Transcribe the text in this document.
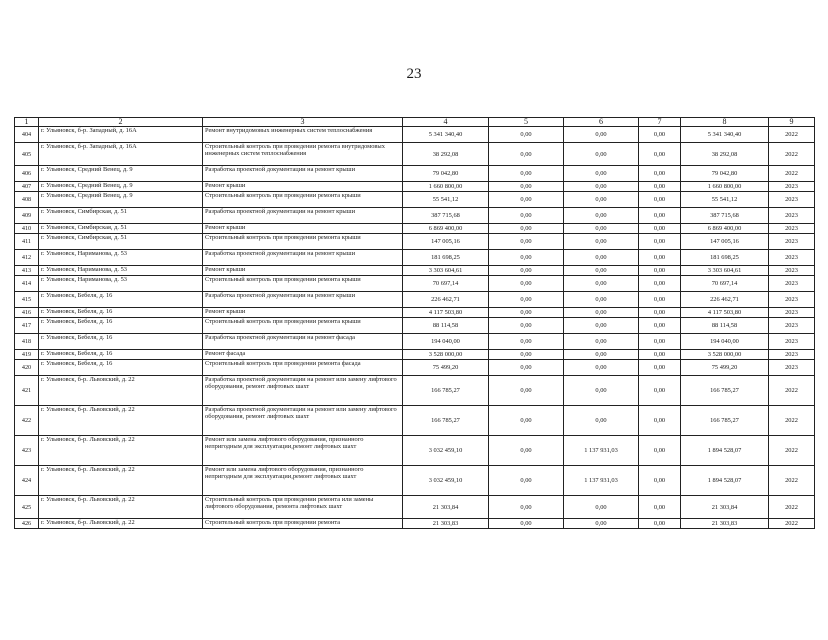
23
1	2	3	4	5	6	7	8	9
404	г. Ульяновск, б-р. Западный, д. 16А	Ремонт внутридомовых инженерных систем теплоснабжения	5 341 340,40	0,00	0,00	0,00	5 341 340,40	2022
405	г. Ульяновск, б-р. Западный, д. 16А	Строительный контроль при проведении ремонта внутридомовых инженерных систем теплоснабжения	38 292,08	0,00	0,00	0,00	38 292,08	2022
406	г. Ульяновск, Средний Венец, д. 9	Разработка проектной документации на ремонт крыши	79 042,80	0,00	0,00	0,00	79 042,80	2022
407	г. Ульяновск, Средний Венец, д. 9	Ремонт крыши	1 660 800,00	0,00	0,00	0,00	1 660 800,00	2023
408	г. Ульяновск, Средний Венец, д. 9	Строительный контроль при проведении ремонта крыши	55 541,12	0,00	0,00	0,00	55 541,12	2023
409	г. Ульяновск, Симбирская, д. 51	Разработка проектной документации на ремонт крыши	387 715,68	0,00	0,00	0,00	387 715,68	2023
410	г. Ульяновск, Симбирская, д. 51	Ремонт крыши	6 869 400,00	0,00	0,00	0,00	6 869 400,00	2023
411	г. Ульяновск, Симбирская, д. 51	Строительный контроль при проведении ремонта крыши	147 005,16	0,00	0,00	0,00	147 005,16	2023
412	г. Ульяновск, Нариманова, д. 53	Разработка проектной документации на ремонт крыши	181 698,25	0,00	0,00	0,00	181 698,25	2023
413	г. Ульяновск, Нариманова, д. 53	Ремонт крыши	3 303 604,61	0,00	0,00	0,00	3 303 604,61	2023
414	г. Ульяновск, Нариманова, д. 53	Строительный контроль при проведении ремонта крыши	70 697,14	0,00	0,00	0,00	70 697,14	2023
415	г. Ульяновск, Бебеля, д. 16	Разработка проектной документации на ремонт крыши	226 462,71	0,00	0,00	0,00	226 462,71	2023
416	г. Ульяновск, Бебеля, д. 16	Ремонт крыши	4 117 503,80	0,00	0,00	0,00	4 117 503,80	2023
417	г. Ульяновск, Бебеля, д. 16	Строительный контроль при проведении ремонта крыши	88 114,58	0,00	0,00	0,00	88 114,58	2023
418	г. Ульяновск, Бебеля, д. 16	Разработка проектной документации на ремонт фасада	194 040,00	0,00	0,00	0,00	194 040,00	2023
419	г. Ульяновск, Бебеля, д. 16	Ремонт фасада	3 528 000,00	0,00	0,00	0,00	3 528 000,00	2023
420	г. Ульяновск, Бебеля, д. 16	Строительный контроль при проведении ремонта фасада	75 499,20	0,00	0,00	0,00	75 499,20	2023
421	г. Ульяновск, б-р. Львовский, д. 22	Разработка проектной документации на ремонт или замену лифтового оборудования, ремонт лифтовых шахт	166 785,27	0,00	0,00	0,00	166 785,27	2022
422	г. Ульяновск, б-р. Львовский, д. 22	Разработка проектной документации на ремонт или замену лифтового оборудования, ремонт лифтовых шахт	166 785,27	0,00	0,00	0,00	166 785,27	2022
423	г. Ульяновск, б-р. Львовский, д. 22	Ремонт или замена лифтового оборудования, признанного непригодным для эксплуатации,ремонт лифтовых шахт	3 032 459,10	0,00	1 137 931,03	0,00	1 894 528,07	2022
424	г. Ульяновск, б-р. Львовский, д. 22	Ремонт или замена лифтового оборудования, признанного непригодным для эксплуатации,ремонт лифтовых шахт	3 032 459,10	0,00	1 137 931,03	0,00	1 894 528,07	2022
425	г. Ульяновск, б-р. Львовский, д. 22	Строительный контроль при проведении ремонта или замены лифтового оборудования, ремонта лифтовых шахт	21 303,84	0,00	0,00	0,00	21 303,84	2022
426	г. Ульяновск, б-р. Львовский, д. 22	Строительный контроль при проведении ремонта	21 303,83	0,00	0,00	0,00	21 303,83	2022
